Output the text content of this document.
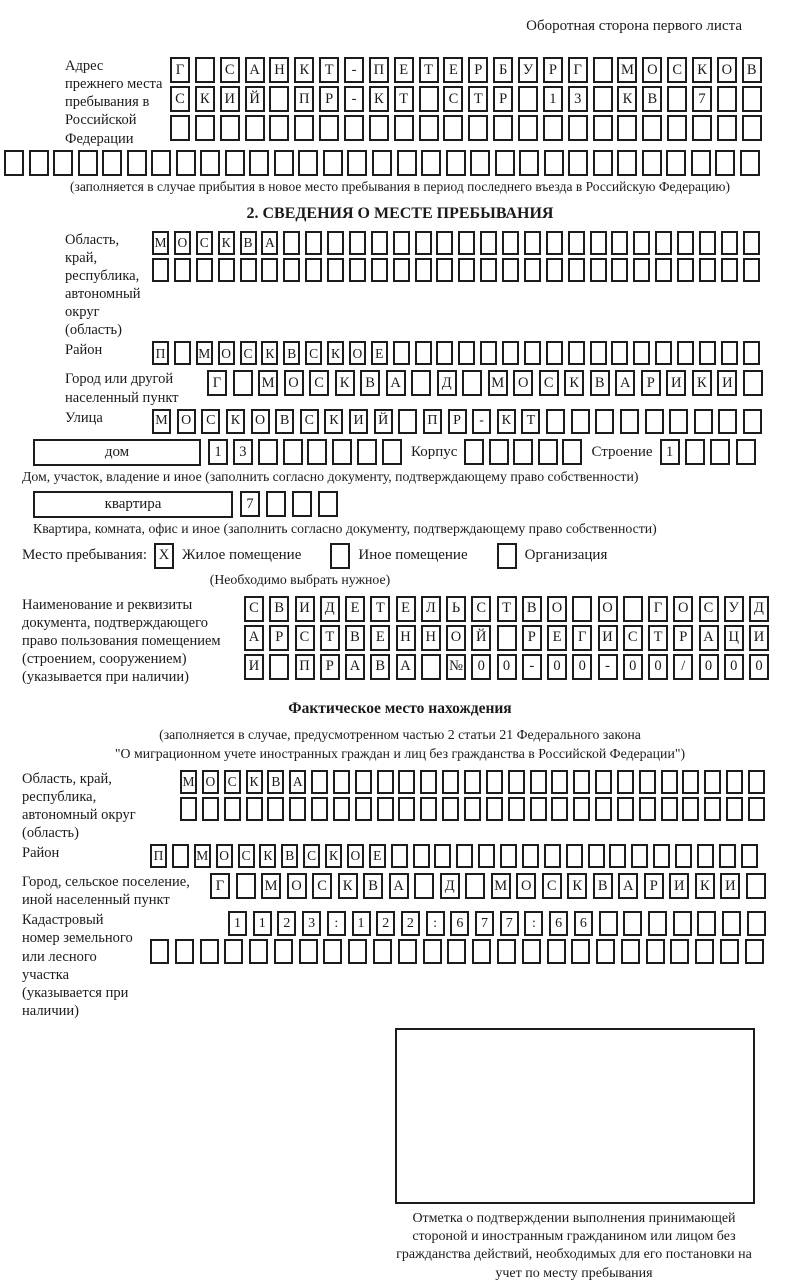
Оборотная сторона первого листа
Адрес прежнего места пребывания в Российской Федерации
Г	С	А Н	К	Т	-	П	Е	Т	Е	Р	Б	У	Р	Г	М О	С	К	О	В
С	К	И Й	П	Р	-	К	Т	С	Т	Р	1	3	К	В	7
(заполняется в случае прибытия в новое место пребывания в период последнего въезда в Российскую Федерацию)
2. СВЕДЕНИЯ О МЕСТЕ ПРЕБЫВАНИЯ
Область, край, республика, автономный округ (область)
М О С К В А
Район	П М О С К В С К О Е
Город или другой населенный пункт
Г	М О	С	К	В	А	Д	М О	С	К	В	А	Р	И	К	И
Улица	М О	С	К	О	В	С	К	И	Й	П	Р	-	К	Т
дом	1	3	Корпус	Строение 1
Дом, участок, владение и иное (заполнить согласно документу, подтверждающему право собственности)
квартира	7
Квартира, комната, офис и иное (заполнить согласно документу, подтверждающему право собственности)
Место пребывания: X Жилое помещение	Иное помещение	Организация
(Необходимо выбрать нужное)
Наименование и реквизиты документа, подтверждающего право пользования помещением (строением, сооружением) (указывается при наличии)
С	В	И	Д	Е	Т	Е	Л	Ь	С	Т	В	О	О	Г	О	С	У	Д
А	Р	С	Т	В	Е	Н	Н	О	Й	Р	Е	Г	И	С	Т	Р	А	Ц	И
И	П	Р	А	В	А	№	0	0	-	0	0	-	0	0	/	0	0	0
Фактическое место нахождения
(заполняется в случае, предусмотренном частью 2 статьи 21 Федерального закона
"О миграционном учете иностранных граждан и лиц без гражданства в Российской Федерации")
Область, край, республика, автономный округ (область)
М О С К В А
Район	П М О С К В С К О Е
Город, сельское поселение, иной населенный пункт
Г	М О	С	К	В	А	Д	М О	С	К	В	А	Р	И	К	И
Кадастровый номер земельного или лесного участка (указывается при наличии)
1	1	2	3	:	1	2	2	:	6	7	7	:	6	6
Отметка о подтверждении выполнения принимающей стороной и иностранным гражданином или лицом без гражданства действий, необходимых для его постановки на учет по месту пребывания
